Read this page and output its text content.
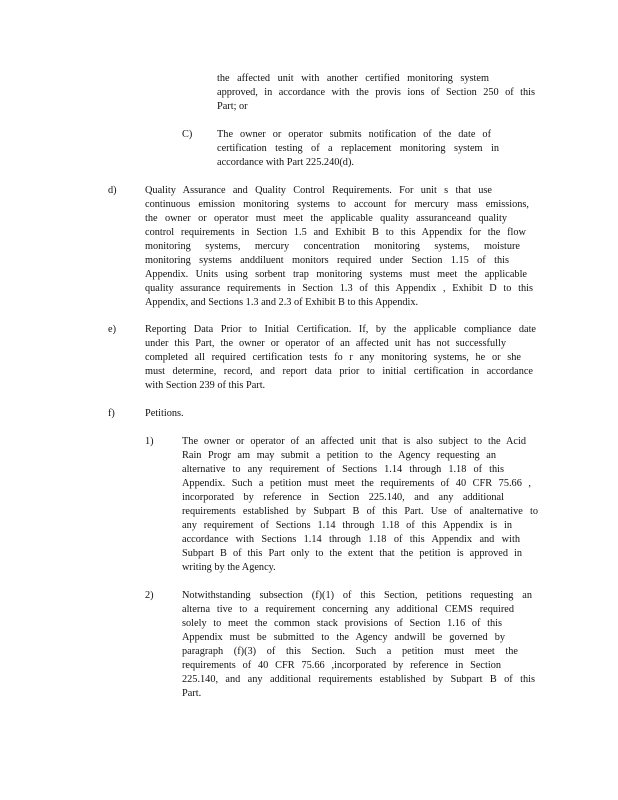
the affected unit with another certified monitoring system
approved, in accordance with the provis ions of Section 250 of this
Part; or
C) The owner or operator submits notification of the date of
certification testing of a replacement monitoring system in
accordance with Part 225.240(d).
d)	Quality Assurance and Quality Control Requirements. For unit s that use
continuous emission monitoring systems to account for mercury mass emissions,
the owner or operator must meet the applicable quality assuranceand quality
control requirements in Section 1.5 and Exhibit B to this Appendix for the flow
monitoring systems, mercury concentration monitoring systems, moisture
monitoring systems anddiluent monitors required under Section 1.15 of this
Appendix. Units using sorbent trap monitoring systems must meet the applicable
quality assurance requirements in Section 1.3 of this Appendix , Exhibit D to this
Appendix, and Sections 1.3 and 2.3 of Exhibit B to this Appendix.
e)	Reporting Data Prior to Initial Certification. If, by the applicable compliance date
under this Part, the owner or operator of an affected unit has not successfully
completed all required certification tests fo r any monitoring systems, he or she
must determine, record, and report data prior to initial certification in accordance
with Section 239 of this Part.
f)	Petitions.
1)	The owner or operator of an affected unit that is also subject to the Acid
Rain Progr am may submit a petition to the Agency requesting an
alternative to any requirement of Sections 1.14 through 1.18 of this
Appendix. Such a petition must meet the requirements of 40 CFR 75.66 ,
incorporated by reference in Section 225.140, and any additional
requirements established by Subpart B of this Part. Use of analternative to
any requirement of Sections 1.14 through 1.18 of this Appendix is in
accordance with Sections 1.14 through 1.18 of this Appendix and with
Subpart B of this Part only to the extent that the petition is approved in
writing by the Agency.
2)	Notwithstanding subsection (f)(1) of this Section, petitions requesting an
alterna tive to a requirement concerning any additional CEMS required
solely to meet the common stack provisions of Section 1.16 of this
Appendix must be submitted to the Agency andwill be governed by
paragraph (f)(3) of this Section. Such a petition must meet the
requirements of 40 CFR 75.66 ,incorporated by reference in Section
225.140, and any additional requirements established by Subpart B of this
Part.
